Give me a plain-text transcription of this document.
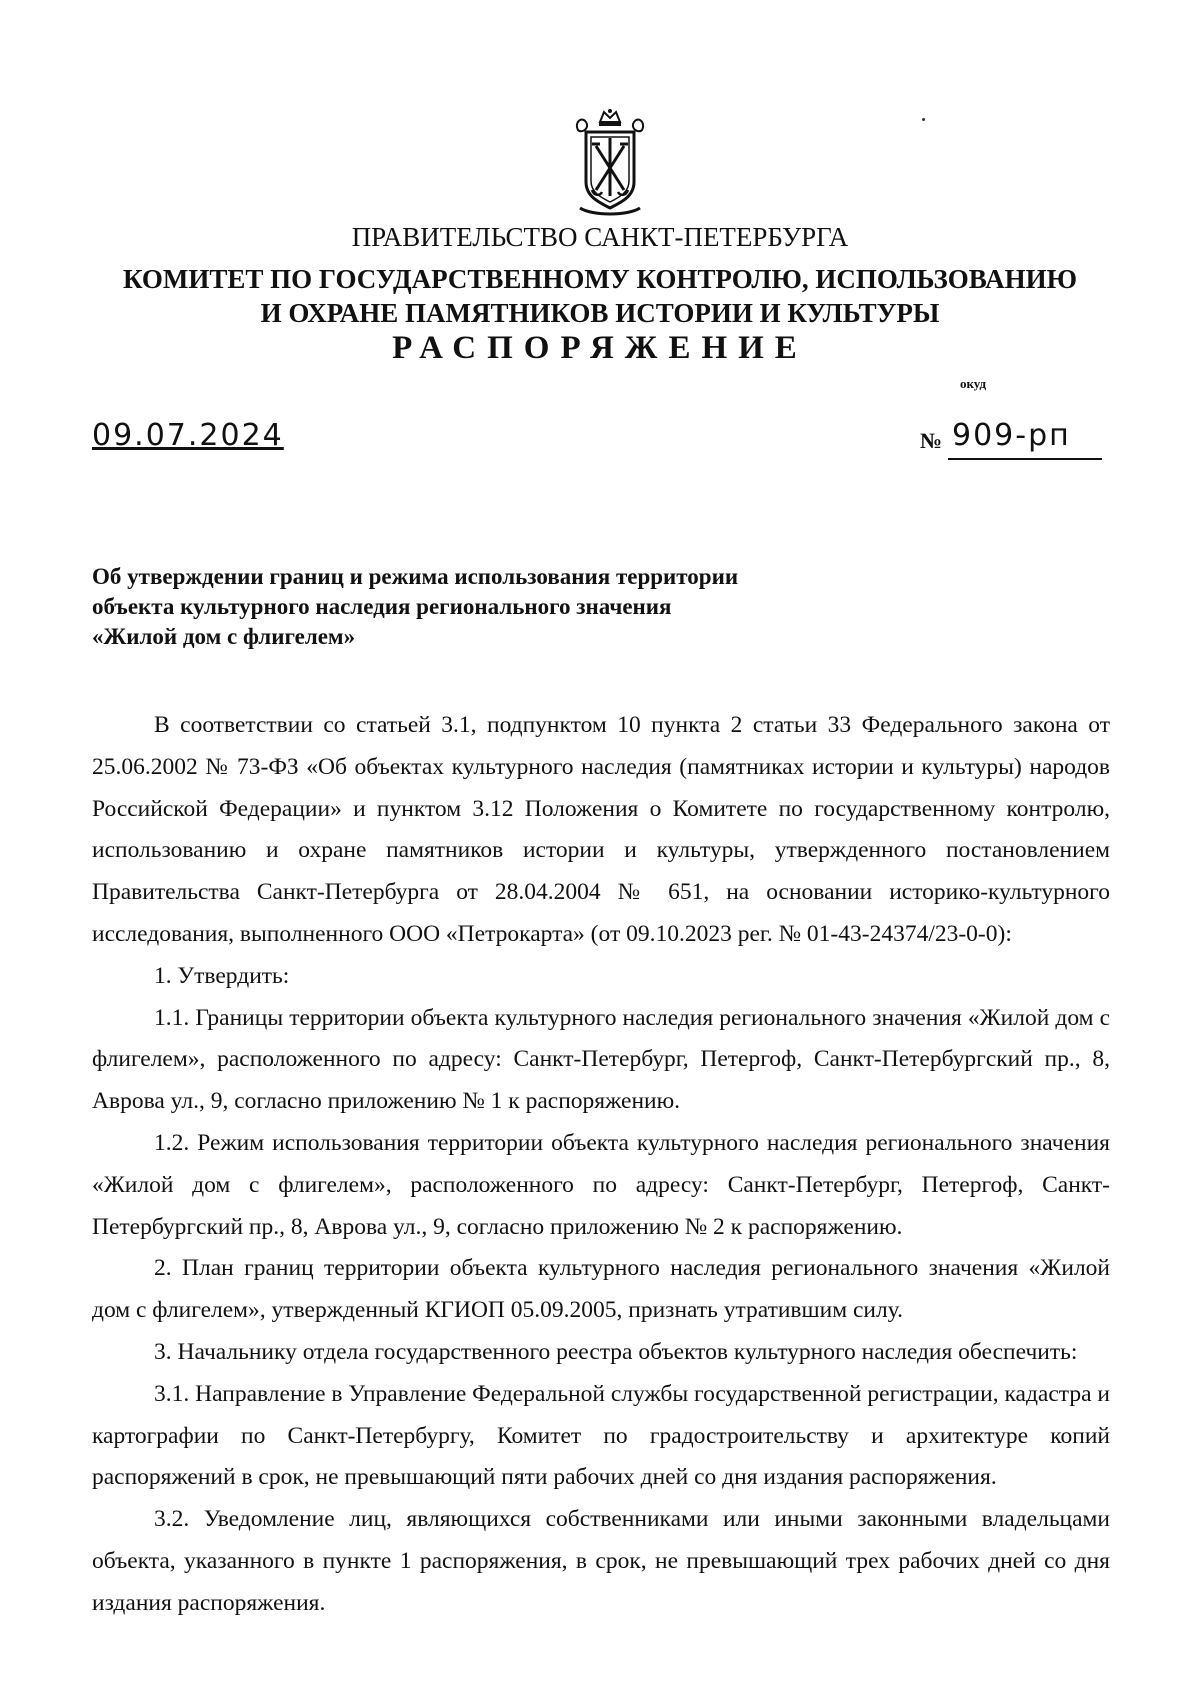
ПРАВИТЕЛЬСТВО САНКТ-ПЕТЕРБУРГА
КОМИТЕТ ПО ГОСУДАРСТВЕННОМУ КОНТРОЛЮ, ИСПОЛЬЗОВАНИЮ
И ОХРАНЕ ПАМЯТНИКОВ ИСТОРИИ И КУЛЬТУРЫ
РАСПОРЯЖЕНИЕ
окуд
09.07.2024	№ 909-рп
Об утверждении границ и режима использования территории
объекта культурного наследия регионального значения
«Жилой дом с флигелем»

В соответствии со статьей 3.1, подпунктом 10 пункта 2 статьи 33 Федерального закона от 25.06.2002 № 73-ФЗ «Об объектах культурного наследия (памятниках истории и культуры) народов Российской Федерации» и пунктом 3.12 Положения о Комитете по государственному контролю, использованию и охране памятников истории и культуры, утвержденного постановлением Правительства Санкт-Петербурга от 28.04.2004 № 651, на основании историко-культурного исследования, выполненного ООО «Петрокарта» (от 09.10.2023 рег. № 01-43-24374/23-0-0):

1. Утвердить:

1.1. Границы территории объекта культурного наследия регионального значения «Жилой дом с флигелем», расположенного по адресу: Санкт-Петербург, Петергоф, Санкт-Петербургский пр., 8, Аврова ул., 9, согласно приложению № 1 к распоряжению.

1.2. Режим использования территории объекта культурного наследия регионального значения «Жилой дом с флигелем», расположенного по адресу: Санкт-Петербург, Петергоф, Санкт-Петербургский пр., 8, Аврова ул., 9, согласно приложению № 2 к распоряжению.

2. План границ территории объекта культурного наследия регионального значения «Жилой дом с флигелем», утвержденный КГИОП 05.09.2005, признать утратившим силу.

3. Начальнику отдела государственного реестра объектов культурного наследия обеспечить:

3.1. Направление в Управление Федеральной службы государственной регистрации, кадастра и картографии по Санкт-Петербургу, Комитет по градостроительству и архитектуре копий распоряжений в срок, не превышающий пяти рабочих дней со дня издания распоряжения.

3.2. Уведомление лиц, являющихся собственниками или иными законными владельцами объекта, указанного в пункте 1 распоряжения, в срок, не превышающий трех рабочих дней со дня издания распоряжения.
